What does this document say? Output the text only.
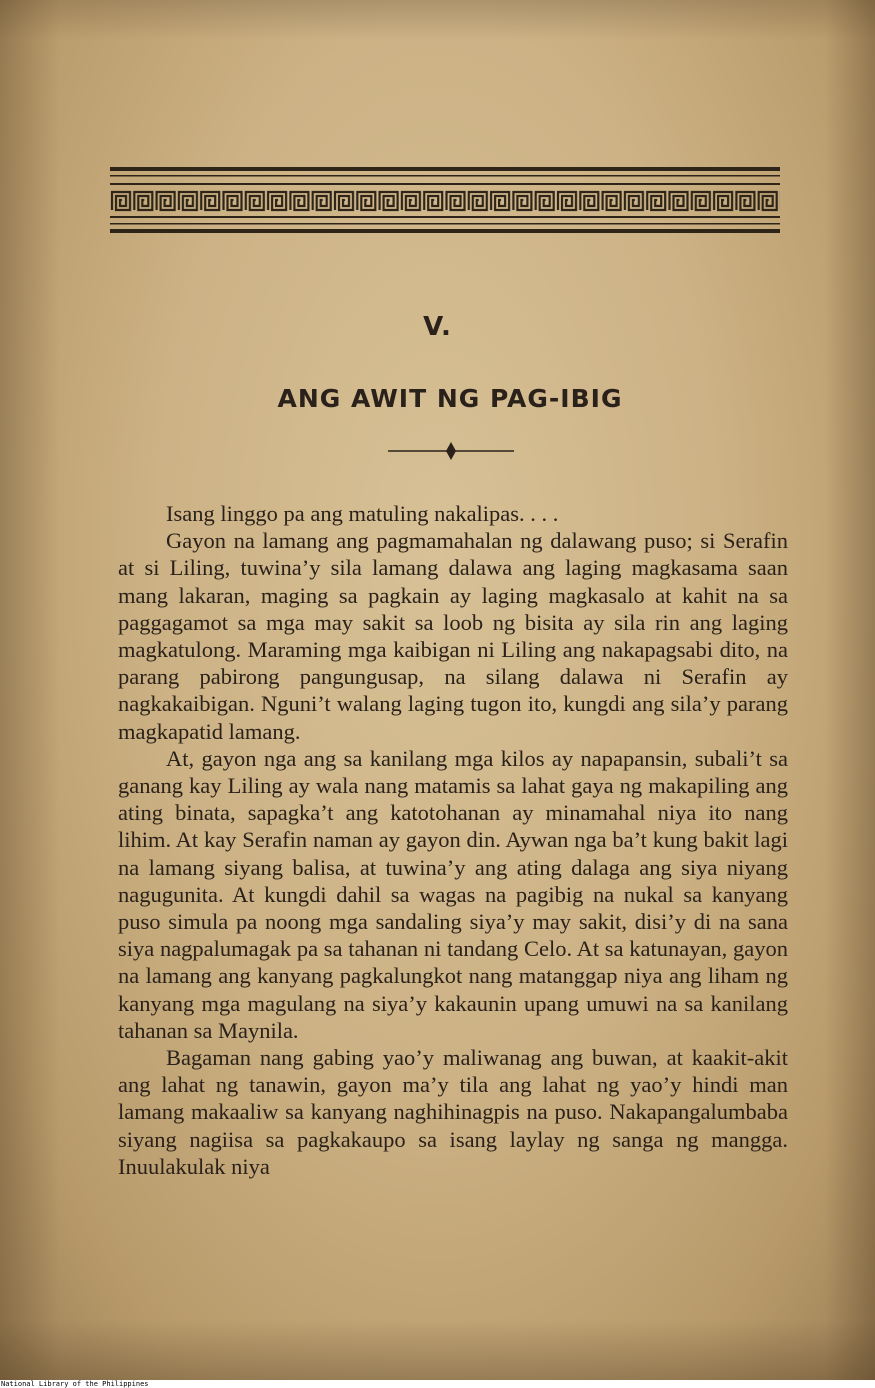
V.
ANG AWIT NG PAG-IBIG

Isang linggo pa ang matuling nakalipas. . . .

Gayon na lamang ang pagmamahalan ng dalawang puso; si Serafin at si Liling, tuwina’y sila lamang dalawa ang laging magkasama saan mang lakaran, maging sa pagkain ay laging magkasalo at kahit na sa paggagamot sa mga may sakit sa loob ng bisita ay sila rin ang laging magkatulong. Maraming mga kaibigan ni Liling ang nakapagsabi dito, na parang pabirong pangungusap, na silang dalawa ni Serafin ay nagkakaibigan. Nguni’t walang laging tugon ito, kungdi ang sila’y parang magkapatid lamang.

At, gayon nga ang sa kanilang mga kilos ay napapansin, subali’t sa ganang kay Liling ay wala nang matamis sa lahat gaya ng makapiling ang ating binata, sapagka’t ang katotohanan ay minamahal niya ito nang lihim. At kay Serafin naman ay gayon din. Aywan nga ba’t kung bakit lagi na lamang siyang balisa, at tuwina’y ang ating dalaga ang siya niyang nagugunita. At kungdi dahil sa wagas na pagibig na nukal sa kanyang puso simula pa noong mga sandaling siya’y may sakit, disi’y di na sana siya nagpalumagak pa sa tahanan ni tandang Celo. At sa katunayan, gayon na lamang ang kanyang pagkalungkot nang matanggap niya ang liham ng kanyang mga magulang na siya’y kakaunin upang umuwi na sa kanilang tahanan sa Maynila.

Bagaman nang gabing yao’y maliwanag ang buwan, at kaakit-akit ang lahat ng tanawin, gayon ma’y tila ang lahat ng yao’y hindi man lamang makaaliw sa kanyang naghihinagpis na puso. Nakapangalumbaba siyang nagiisa sa pagkakaupo sa isang laylay ng sanga ng mangga. Inuulakulak niya

National Library of the Philippines
